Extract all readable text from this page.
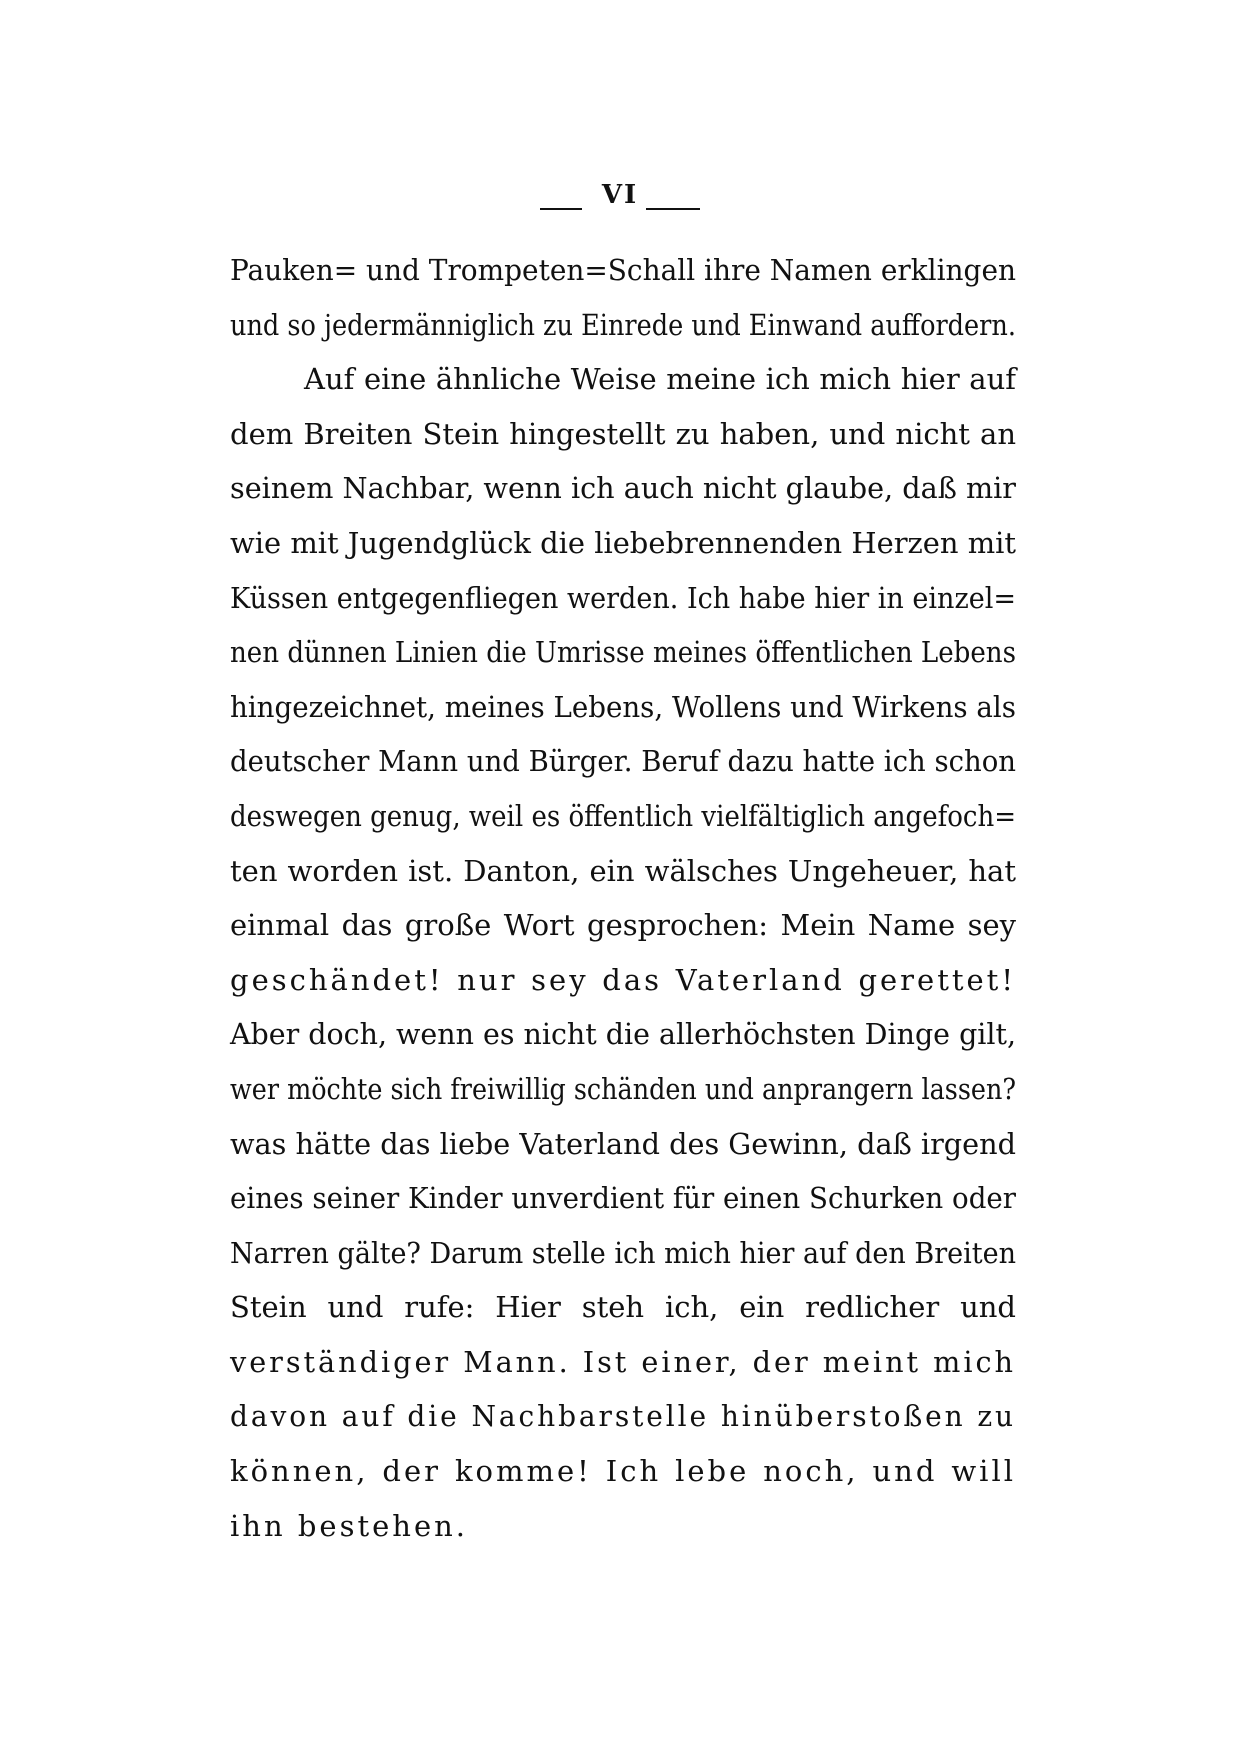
VI
Pauken= und Trompeten=Schall ihre Namen erklingen
und so jedermänniglich zu Einrede und Einwand auffordern.
Auf eine ähnliche Weise meine ich mich hier auf
dem Breiten Stein hingestellt zu haben, und nicht an
seinem Nachbar, wenn ich auch nicht glaube, daß mir
wie mit Jugendglück die liebebrennenden Herzen mit
Küssen entgegenfliegen werden. Ich habe hier in einzel=
nen dünnen Linien die Umrisse meines öffentlichen Lebens
hingezeichnet, meines Lebens, Wollens und Wirkens als
deutscher Mann und Bürger. Beruf dazu hatte ich schon
deswegen genug, weil es öffentlich vielfältiglich angefoch=
ten worden ist. Danton, ein wälsches Ungeheuer, hat
einmal das große Wort gesprochen: Mein Name sey
geschändet! nur sey das Vaterland gerettet!
Aber doch, wenn es nicht die allerhöchsten Dinge gilt,
wer möchte sich freiwillig schänden und anprangern lassen?
was hätte das liebe Vaterland des Gewinn, daß irgend
eines seiner Kinder unverdient für einen Schurken oder
Narren gälte? Darum stelle ich mich hier auf den Breiten
Stein und rufe: Hier steh ich, ein redlicher und
verständiger Mann. Ist einer, der meint mich
davon auf die Nachbarstelle hinüberstoßen zu
können, der komme! Ich lebe noch, und will
ihn bestehen.
